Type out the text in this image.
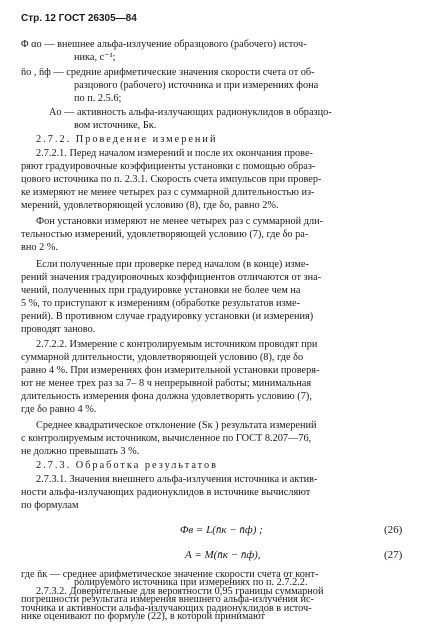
Стр. 12 ГОСТ 26305—84
Φ αо — внешнее альфа-излучение образцового (рабочего) источ-
ника, с⁻¹;
n̄о , n̄ф — средние арифметические значения скорости счета от об-
разцового (рабочего) источника и при измерениях фона
по п. 2.5.6;
Aо — активность альфа-излучающих радионуклидов в образцо-
вом источнике, Бк.
2.7.2. Проведение измерений
2.7.2.1. Перед началом измерений и после их окончания прове-
ряют градуировочные коэффициенты установки с помощью образ-
цового источника по п. 2.3.1. Скорость счета импульсов при провер-
ке измеряют не менее четырех раз с суммарной длительностью из-
мерений, удовлетворяющей условию (8), где δо, равно 2%.
Фон установки измеряют не менее четырех раз с суммарной дли-
тельностью измерений, удовлетворяющей условию (7), где δо ра-
вно 2 %.
Если полученные при проверке перед началом (в конце) изме-
рений значения градуировочных коэффициентов отличаются от зна-
чений, полученных при градуировке установки не более чем на
5 %, то приступают к измерениям (обработке результатов изме-
рений). В противном случае градуировку установки (и измерения)
проводят заново.
2.7.2.2. Измерение с контролируемым источником проводят при
суммарной длительности, удовлетворяющей условию (8), где δо
равно 4 %. При измерениях фон измерительной установки проверя-
ют не менее трех раз за 7– 8 ч непрерывной работы; минимальная
длительность измерения фона должна удовлетворять условию (7),
где δо равно 4 %.
Среднее квадратическое отклонение (Sк ) результата измерений
с контролируемым источником, вычисленное по ГОСТ 8.207—76,
не должно превышать 3 %.
2.7.3. Обработка результатов
2.7.3.1. Значения внешнего альфа-излучения источника и актив-
ности альфа-излучающих радионуклидов в источнике вычисляют
по формулам
Φв = L(n̄к − n̄ф) ;	(26)
A = M(n̄к − n̄ф),	(27)
где n̄к — среднее арифметическое значение скорости счета от конт-
ролируемого источника при измерениях по п. 2.7.2.2.
2.7.3.2. Доверительные для вероятности 0,95 границы суммарной
погрешности результата измерения внешнего альфа-излучения ис-
точника и активности альфа-излучающих радионуклидов в источ-
нике оценивают по формуле (22), в которой принимают
